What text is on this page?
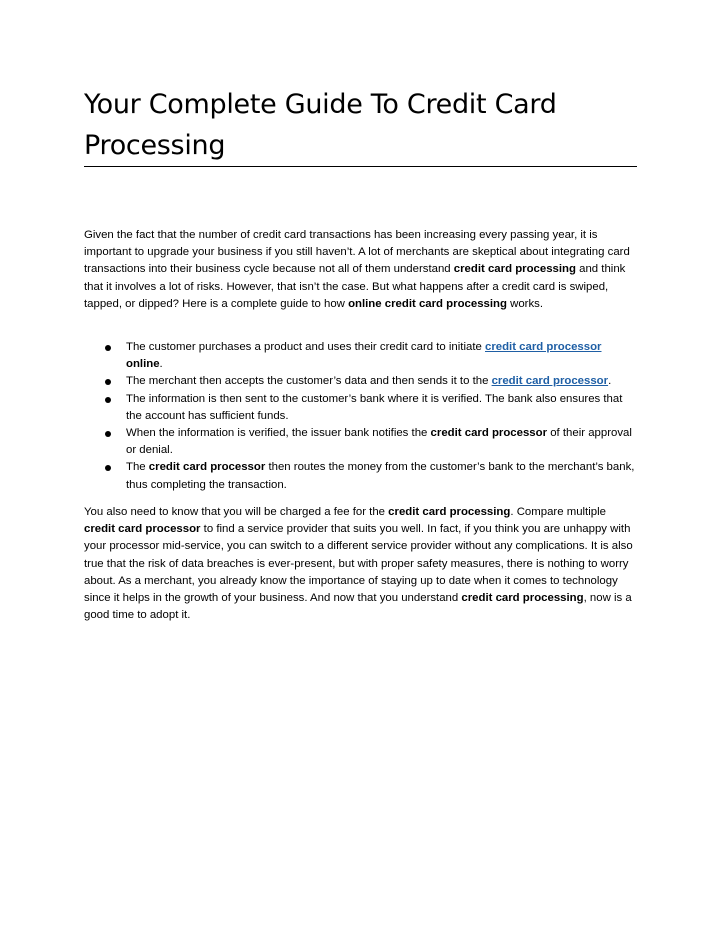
Your Complete Guide To Credit Card Processing

Given the fact that the number of credit card transactions has been increasing every passing year, it is important to upgrade your business if you still haven’t. A lot of merchants are skeptical about integrating card transactions into their business cycle because not all of them understand credit card processing and think that it involves a lot of risks. However, that isn’t the case. But what happens after a credit card is swiped, tapped, or dipped? Here is a complete guide to how online credit card processing works.

The customer purchases a product and uses their credit card to initiate credit card processor
online.
The merchant then accepts the customer’s data and then sends it to the credit card processor.
The information is then sent to the customer’s bank where it is verified. The bank also ensures that the account has sufficient funds.
When the information is verified, the issuer bank notifies the credit card processor of their approval or denial.
The credit card processor then routes the money from the customer’s bank to the merchant’s bank, thus completing the transaction.

You also need to know that you will be charged a fee for the credit card processing. Compare multiple
credit card processor to find a service provider that suits you well. In fact, if you think you are unhappy with your processor mid-service, you can switch to a different service provider without any complications. It is also true that the risk of data breaches is ever-present, but with proper safety measures, there is nothing to worry about. As a merchant, you already know the importance of staying up to date when it comes to technology since it helps in the growth of your business. And now that you understand credit card processing, now is a good time to adopt it.
